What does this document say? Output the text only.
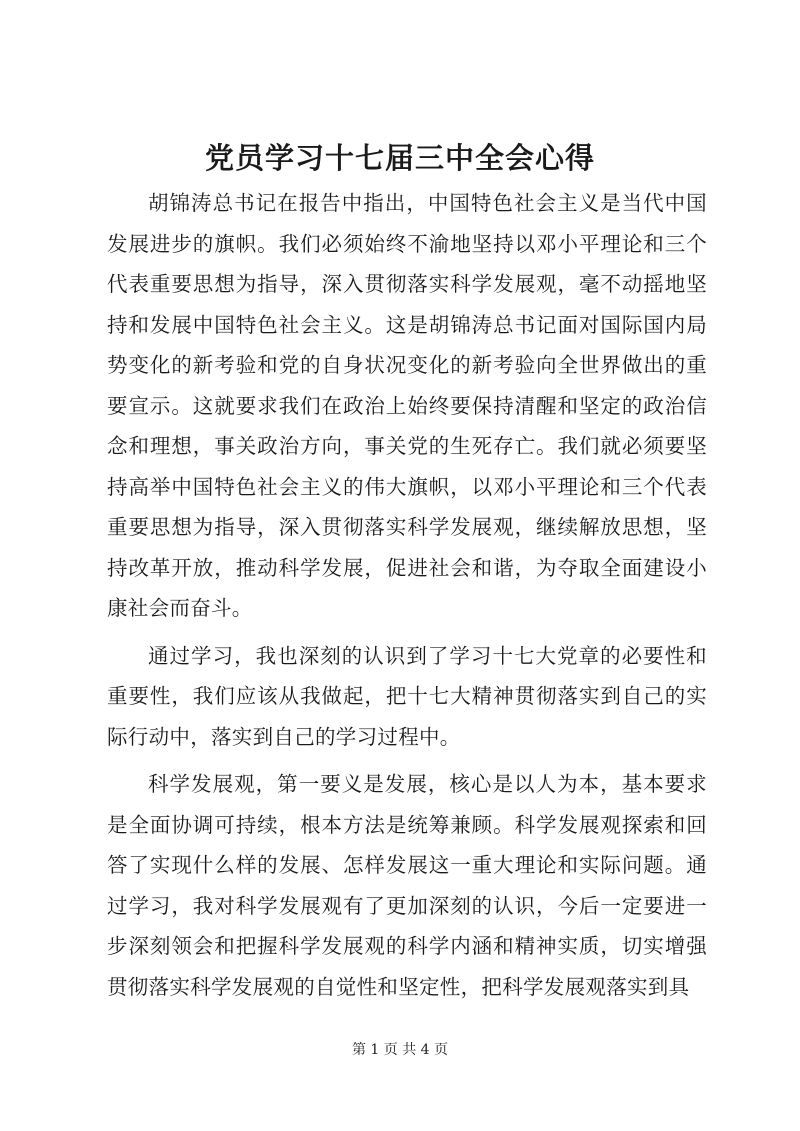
党员学习十七届三中全会心得

胡锦涛总书记在报告中指出，中国特色社会主义是当代中国发展进步的旗帜。我们必须始终不渝地坚持以邓小平理论和三个代表重要思想为指导，深入贯彻落实科学发展观，毫不动摇地坚持和发展中国特色社会主义。这是胡锦涛总书记面对国际国内局势变化的新考验和党的自身状况变化的新考验向全世界做出的重要宣示。这就要求我们在政治上始终要保持清醒和坚定的政治信念和理想，事关政治方向，事关党的生死存亡。我们就必须要坚持高举中国特色社会主义的伟大旗帜，以邓小平理论和三个代表重要思想为指导，深入贯彻落实科学发展观，继续解放思想，坚持改革开放，推动科学发展，促进社会和谐，为夺取全面建设小康社会而奋斗。

通过学习，我也深刻的认识到了学习十七大党章的必要性和重要性，我们应该从我做起，把十七大精神贯彻落实到自己的实际行动中，落实到自己的学习过程中。

科学发展观，第一要义是发展，核心是以人为本，基本要求是全面协调可持续，根本方法是统筹兼顾。科学发展观探索和回答了实现什么样的发展、怎样发展这一重大理论和实际问题。通过学习，我对科学发展观有了更加深刻的认识，今后一定要进一步深刻领会和把握科学发展观的科学内涵和精神实质，切实增强贯彻落实科学发展观的自觉性和坚定性，把科学发展观落实到具

第 1 页 共 4 页
